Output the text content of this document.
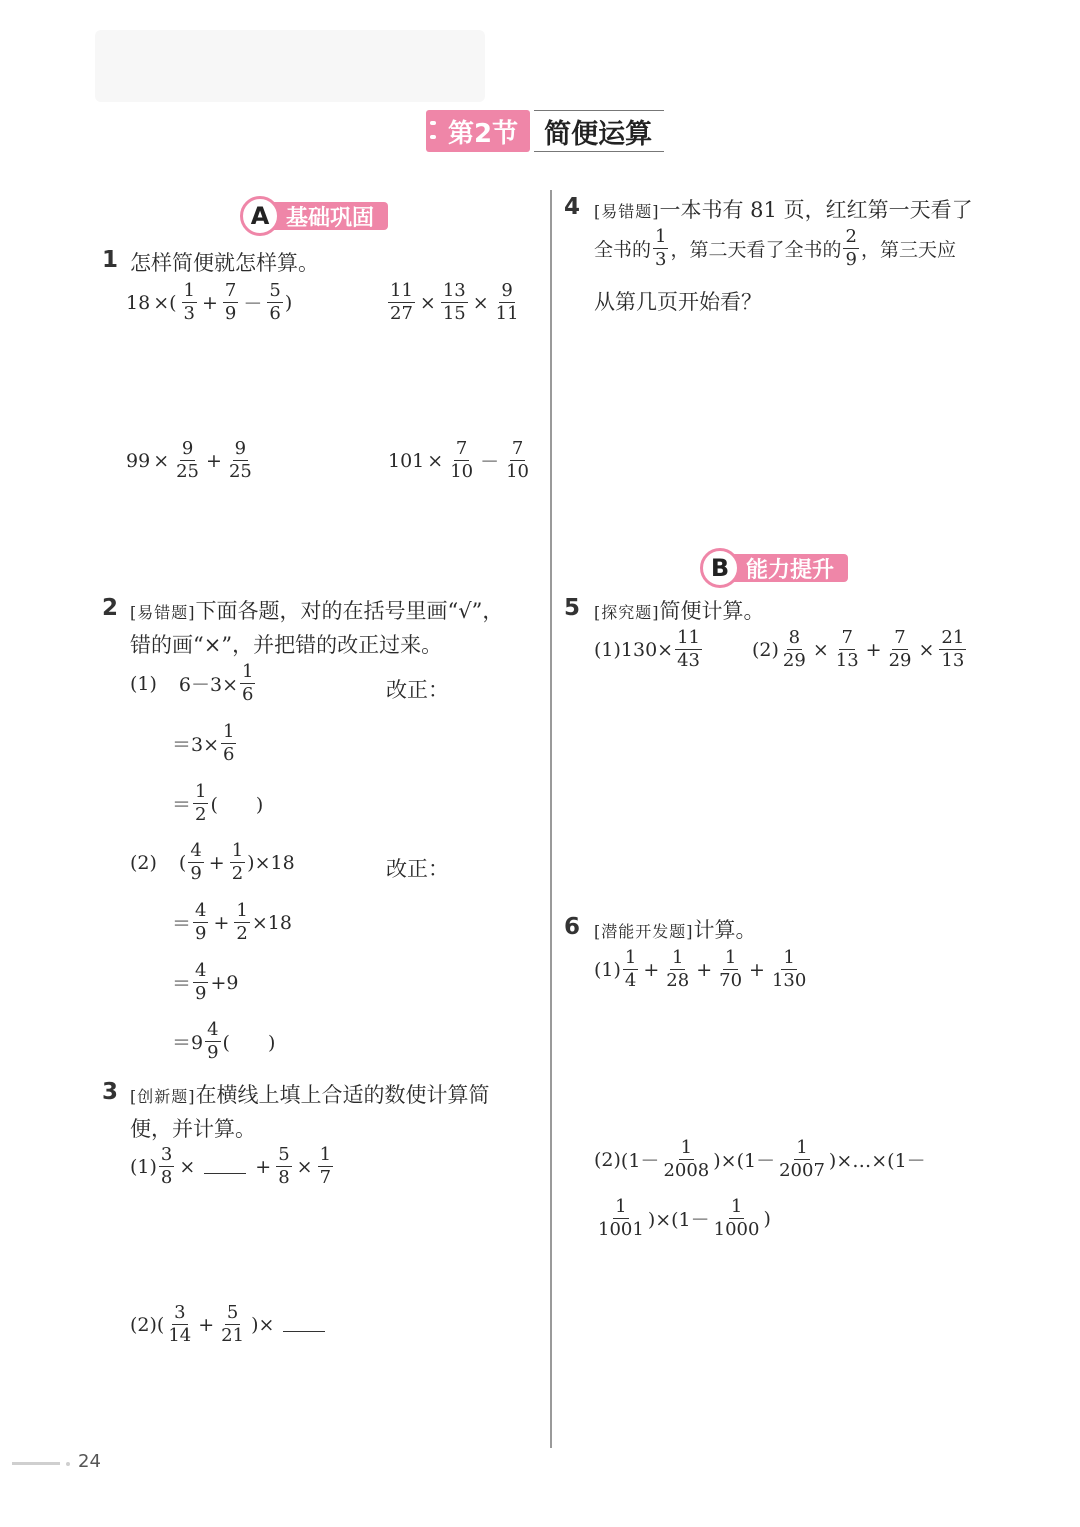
第2节 简便运算
A 基础巩固
B 能力提升
1 怎样简便就怎样算。
18 ×( $\frac{1}{3} + \frac{7}{9} - \frac{5}{6}$ )	$\frac{11}{27} \times \frac{13}{15} \times \frac{9}{11}$
$99 \times \frac{9}{25} + \frac{9}{25}$	$101 \times \frac{7}{10} - \frac{7}{10}$
2 [易错题]下面各题，对的在括号里画“√”，
错的画“×”，并把错的改正过来。
(1) $6-3\times \frac{1}{6}$	改正：
$=3\times \frac{1}{6}$
＝ $\frac{1}{2}$ (　　)
(2) ( $\frac{4}{9} + \frac{1}{2} )\times 18$	改正：
＝ $\frac{4}{9} + \frac{1}{2} \times 18$
＝ $\frac{4}{9} +9$
$=9 \frac{4}{9}$ (　　)
3 [创新题]在横线上填上合适的数使计算简
便，并计算。
$(1) \frac{3}{8}$ ×	+ $\frac{5}{8} \times \frac{1}{7}$
(2) ( $\frac{3}{14} + \frac{5}{21}$ )×
4 [易错题]一本书有 81 页，红红第一天看了
全书的 $\frac{1}{3}$ ，第二天看了全书的 $\frac{2}{9}$ ，第三天应
从第几页开始看？
5 [探究题]简便计算。
$(1)130\times \frac{11}{43}$	$(2) \frac{8}{29} \times \frac{7}{13} + \frac{7}{29} \times \frac{21}{13}$
6 [潜能开发题]计算。
$(1) \frac{1}{4} + \frac{1}{28} + \frac{1}{70} + \frac{1}{130}$
(2) $(1- \frac{1}{2008} )\times(1- \frac{1}{2007}$ )×…×(1－
$\frac{1}{1001} )\times(1- \frac{1}{1000}$ )
24
